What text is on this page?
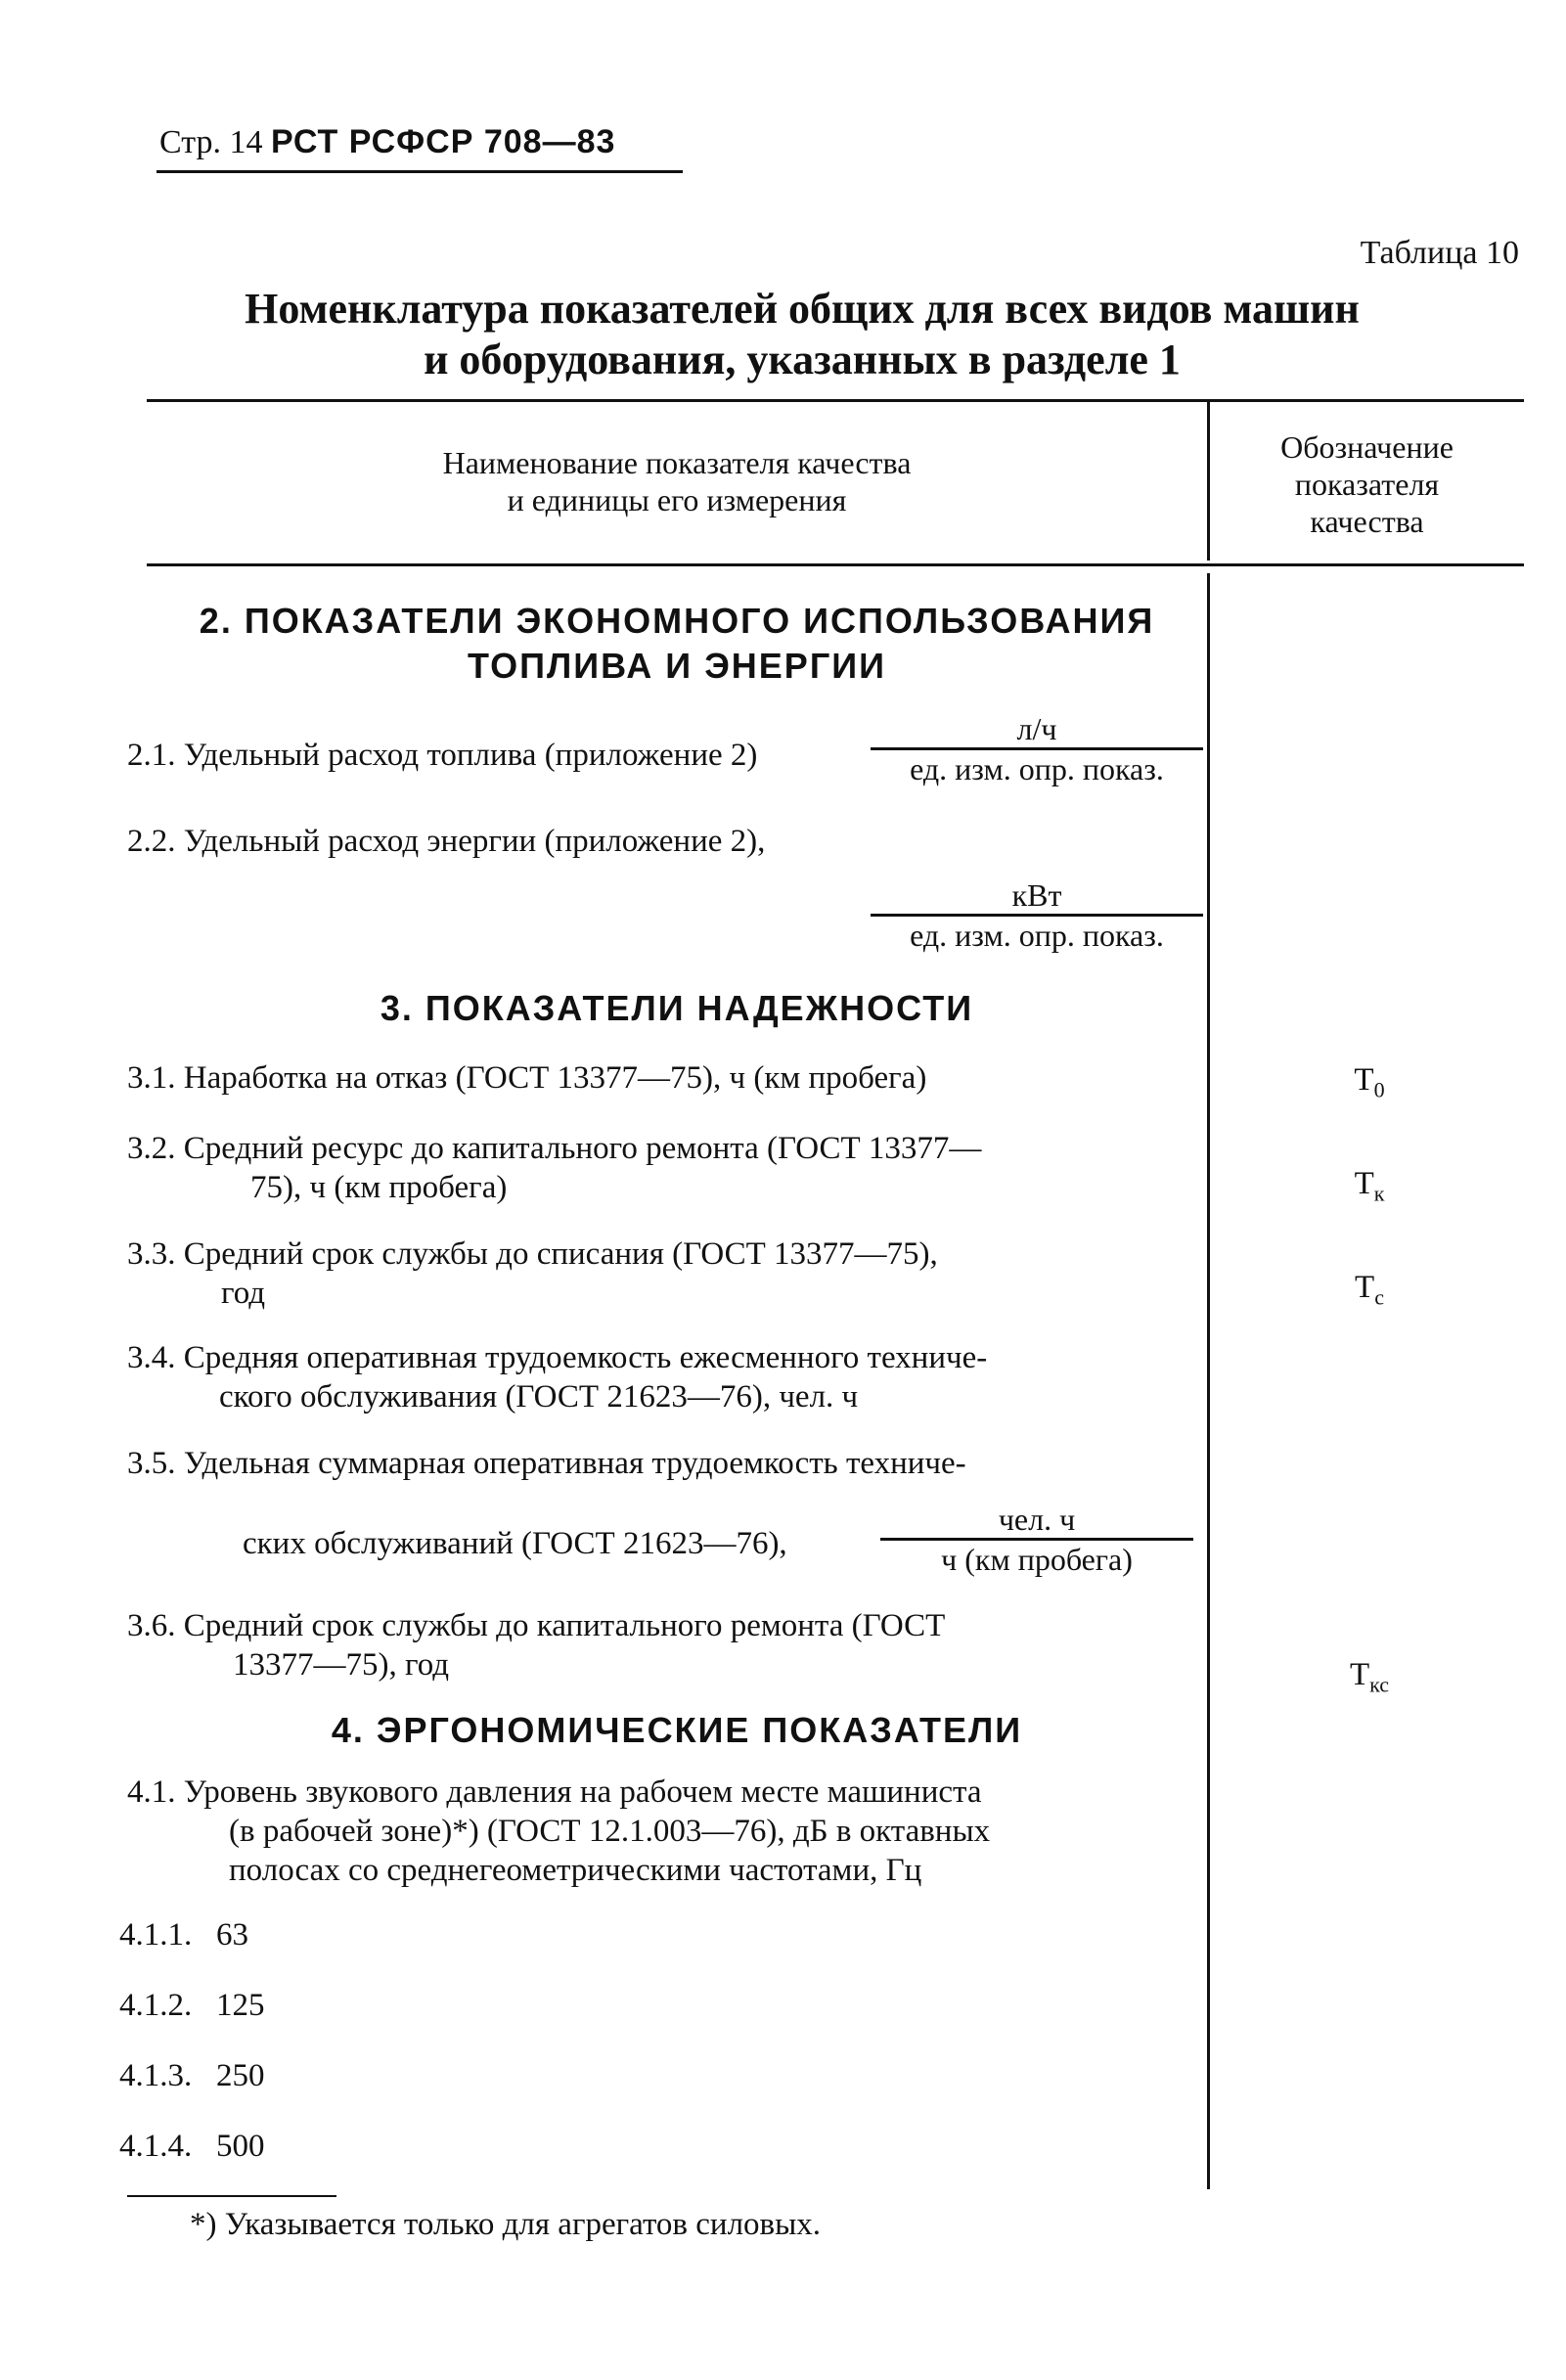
Стр. 14 РСТ РСФСР 708—83
Таблица 10
Номенклатура показателей общих для всех видов машин
и оборудования, указанных в разделе 1
Наименование показателя качества
и единицы его измерения
Обозначение
показателя
качества
2. ПОКАЗАТЕЛИ ЭКОНОМНОГО ИСПОЛЬЗОВАНИЯ
ТОПЛИВА И ЭНЕРГИИ
2.1. Удельный расход топлива (приложение 2)
л/ч
ед. изм. опр. показ.
2.2. Удельный расход энергии (приложение 2),
кВт
ед. изм. опр. показ.
3. ПОКАЗАТЕЛИ НАДЕЖНОСТИ
3.1. Наработка на отказ (ГОСТ 13377—75), ч (км пробега)	$T_0$
3.2. Средний ресурс до капитального ремонта (ГОСТ 13377—
75), ч (км пробега)	$T_к$
3.3. Средний срок службы до списания (ГОСТ 13377—75),
год	$T_с$
3.4. Средняя оперативная трудоемкость ежесменного техниче-
ского обслуживания (ГОСТ 21623—76), чел. ч
3.5. Удельная суммарная оперативная трудоемкость техниче-
ских обслуживаний (ГОСТ 21623—76),
чел. ч
ч (км пробега)
3.6. Средний срок службы до капитального ремонта (ГОСТ
13377—75), год	$T_{кс}$
4. ЭРГОНОМИЧЕСКИЕ ПОКАЗАТЕЛИ
4.1. Уровень звукового давления на рабочем месте машиниста
(в рабочей зоне)*) (ГОСТ 12.1.003—76), дБ в октавных
полосах со среднегеометрическими частотами, Гц
4.1.1. 63
4.1.2. 125
4.1.3. 250
4.1.4. 500
*) Указывается только для агрегатов силовых.
